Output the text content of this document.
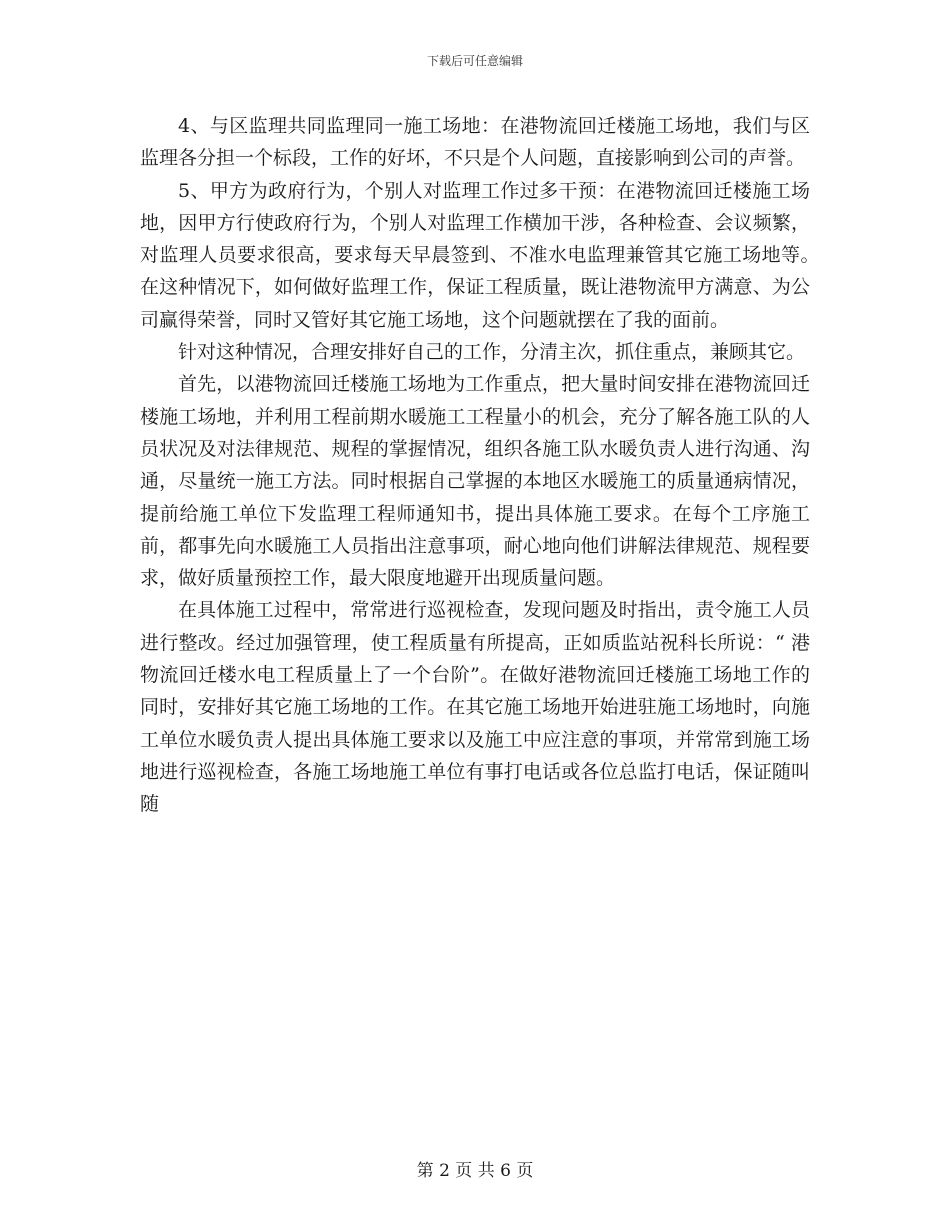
下载后可任意编辑

4、与区监理共同监理同一施工场地：在港物流回迁楼施工场地，我们与区监理各分担一个标段，工作的好坏，不只是个人问题，直接影响到公司的声誉。

5、甲方为政府行为，个别人对监理工作过多干预：在港物流回迁楼施工场地，因甲方行使政府行为，个别人对监理工作横加干涉，各种检查、会议频繁，对监理人员要求很高，要求每天早晨签到、不准水电监理兼管其它施工场地等。　　　在这种情况下，如何做好监理工作，保证工程质量，既让港物流甲方满意、为公司赢得荣誉，同时又管好其它施工场地，这个问题就摆在了我的面前。

针对这种情况，合理安排好自己的工作，分清主次，抓住重点，兼顾其它。

首先，以港物流回迁楼施工场地为工作重点，把大量时间安排在港物流回迁楼施工场地，并利用工程前期水暖施工工程量小的机会，充分了解各施工队的人员状况及对法律规范、规程的掌握情况，组织各施工队水暖负责人进行沟通、沟通，尽量统一施工方法。同时根据自己掌握的本地区水暖施工的质量通病情况，提前给施工单位下发监理工程师通知书，提出具体施工要求。在每个工序施工前，都事先向水暖施工人员指出注意事项，耐心地向他们讲解法律规范、规程要求，做好质量预控工作，最大限度地避开出现质量问题。

在具体施工过程中，常常进行巡视检查，发现问题及时指出，责令施工人员进行整改。经过加强管理，使工程质量有所提高，正如质监站祝科长所说：“ 港物流回迁楼水电工程质量上了一个台阶”。在做好港物流回迁楼施工场地工作的同时，安排好其它施工场地的工作。在其它施工场地开始进驻施工场地时，向施工单位水暖负责人提出具体施工要求以及施工中应注意的事项，并常常到施工场地进行巡视检查，各施工场地施工单位有事打电话或各位总监打电话，保证随叫随

第 2 页 共 6 页
